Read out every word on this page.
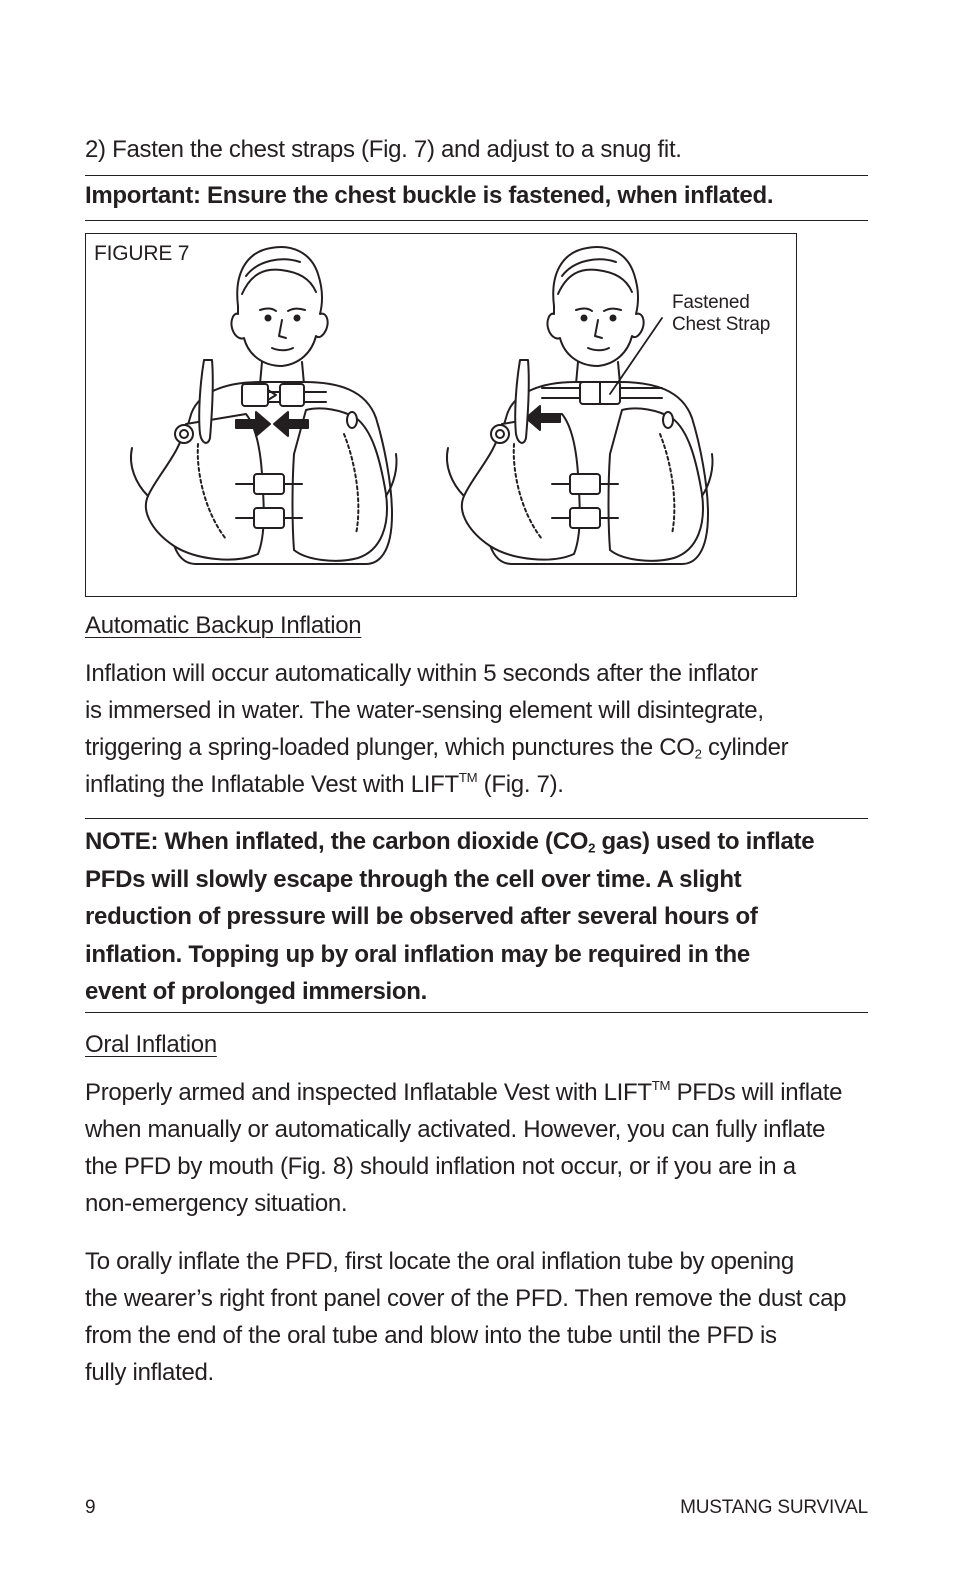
2) Fasten the chest straps (Fig. 7) and adjust to a snug fit.
Important: Ensure the chest buckle is fastened, when inflated.
FIGURE 7
Fastened
Chest Strap
Automatic Backup Inflation
Inflation will occur automatically within 5 seconds after the inflator
is immersed in water. The water-sensing element will disintegrate,
triggering a spring-loaded plunger, which punctures the $CO_2$ cylinder
inflating the Inflatable Vest with LIFT™ (Fig. 7).
NOTE: When inflated, the carbon dioxide ($CO_2$ gas) used to inflate
PFDs will slowly escape through the cell over time. A slight
reduction of pressure will be observed after several hours of
inflation. Topping up by oral inflation may be required in the
event of prolonged immersion.
Oral Inflation
Properly armed and inspected Inflatable Vest with LIFT™ PFDs will inflate
when manually or automatically activated. However, you can fully inflate
the PFD by mouth (Fig. 8) should inflation not occur, or if you are in a
non-emergency situation.
To orally inflate the PFD, first locate the oral inflation tube by opening
the wearer’s right front panel cover of the PFD. Then remove the dust cap
from the end of the oral tube and blow into the tube until the PFD is
fully inflated.
9	MUSTANG SURVIVAL
